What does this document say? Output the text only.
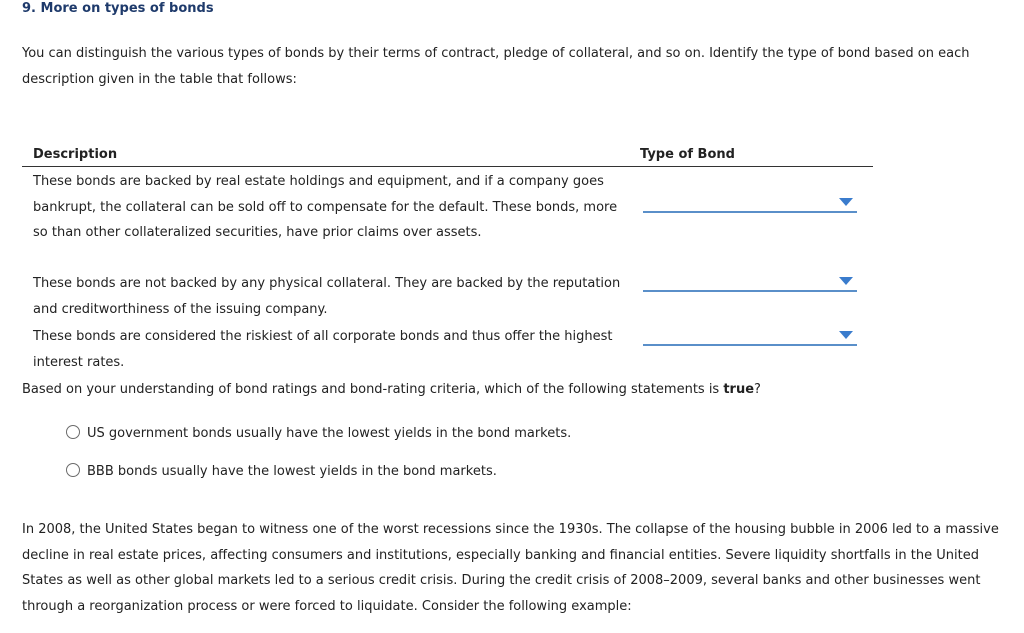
9. More on types of bonds
You can distinguish the various types of bonds by their terms of contract, pledge of collateral, and so on. Identify the type of bond based on each description given in the table that follows:
Description	Type of Bond
These bonds are backed by real estate holdings and equipment, and if a company goes bankrupt, the collateral can be sold off to compensate for the default. These bonds, more so than other collateralized securities, have prior claims over assets.
These bonds are not backed by any physical collateral. They are backed by the reputation and creditworthiness of the issuing company.
These bonds are considered the riskiest of all corporate bonds and thus offer the highest interest rates.
Based on your understanding of bond ratings and bond-rating criteria, which of the following statements is true?
US government bonds usually have the lowest yields in the bond markets.
BBB bonds usually have the lowest yields in the bond markets.
In 2008, the United States began to witness one of the worst recessions since the 1930s. The collapse of the housing bubble in 2006 led to a massive decline in real estate prices, affecting consumers and institutions, especially banking and financial entities. Severe liquidity shortfalls in the United States as well as other global markets led to a serious credit crisis. During the credit crisis of 2008–2009, several banks and other businesses went through a reorganization process or were forced to liquidate. Consider the following example:
